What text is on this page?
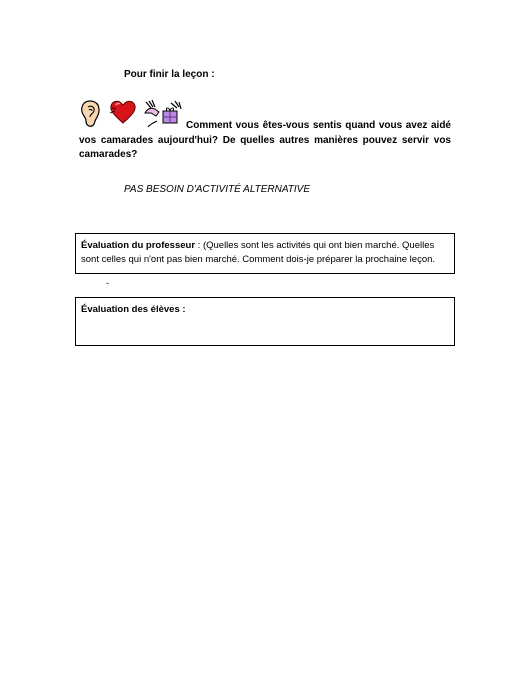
Pour finir la leçon :
Comment vous êtes-vous sentis quand vous avez aidé vos camarades aujourd'hui? De quelles autres manières pouvez servir vos camarades?
PAS BESOIN D'ACTIVITÉ ALTERNATIVE
Évaluation du professeur : (Quelles sont les activités qui ont bien marché. Quelles sont celles qui n'ont pas bien marché. Comment dois-je préparer la prochaine leçon.
-
Évaluation des élèves :
